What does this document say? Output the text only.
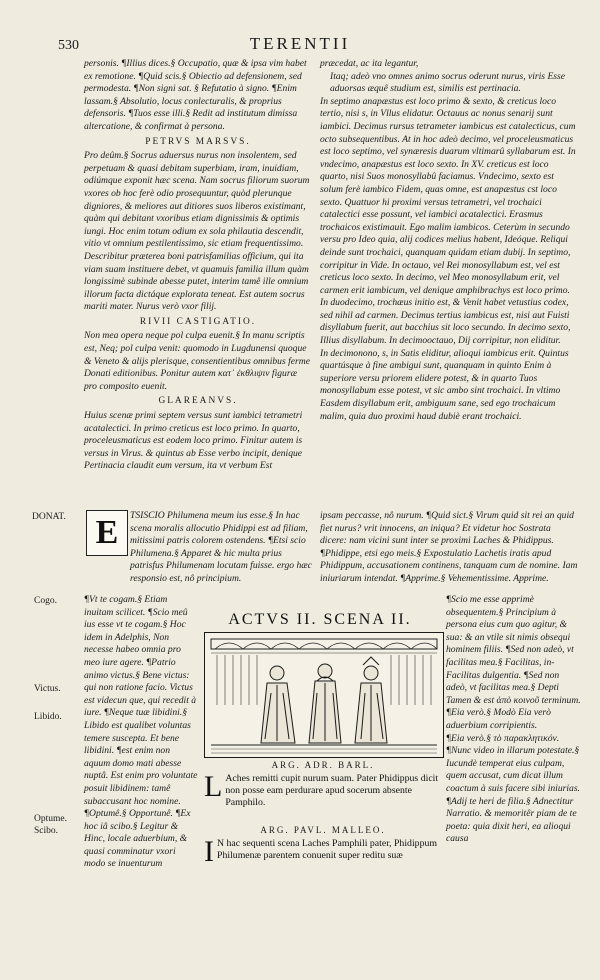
530	TERENTII

personis. ¶Illius dices.§ Occupatio, quæ & ipsa vim habet ex remotione. ¶Quid scis.§ Obiectio ad defensionem, sed permodesta. ¶Non signi sat. § Refutatio à signo. ¶Enim lassam.§ Absolutio, locus conlecturalis, & proprius defensoris. ¶Tuos esse illi.§ Redit ad institutum dimissa altercatione, & confirmat à persona.

PETRVS MARSVS.

Pro deûm.§ Socrus aduersus nurus non insolentem, sed perpetuam & quasi debitam superbiam, iram, inuidiam, odiúmque exponit hæc scena. Nam socrus filiorum suorum vxores ob hoc ferè odio prosequuntur, quòd plerunque digniores, & meliores aut ditiores suos liberos existimant, quàm qui debitant vxoribus etiam dignissimis & optimis iungi. Hoc enim totum odium ex sola philautia descendit, vitio vt omnium pestilentissimo, sic etiam frequentissimo. Describitur præterea boni patrisfamilias officium, qui ita viam suam instituere debet, vt quamuis familia illum quàm longissimè subinde abesse putet, interim tamê ille omnium illorum facta dictáque explorata teneat. Est autem socrus mariti mater. Nurus verò vxor filij.

RIVII CASTIGATIO.

Non mea opera neque pol culpa euenit.§ In manu scriptis est, Neq; pol culpa venit: quomodo in Lugdunensi quoque & Veneto & alijs plerisque, consentientibus omnibus ferme Donati editionibus. Ponitur autem κατ᾽ ἐκθλιψιν figuræ pro composito euenit.

GLAREANVS.

Huius scenæ primi septem versus sunt iambici tetrametri acatalectici. In primo creticus est loco primo. In quarto, proceleusmaticus est eodem loco primo. Finitur autem is versus in Virus. & quintus ab Esse verbo incipit, denique Pertinacia claudit eum versum, ita vt verbum Est

præcedat, ac ita legantur,

Itaq; adeò vno omnes animo socrus oderunt nurus, viris Esse aduorsas æquê studium est, similis est pertinacia.

In septimo anapæstus est loco primo & sexto, & creticus loco tertio, nisi s, in Vllus elidatur. Octauus ac nonus senarij sunt iambici. Decimus rursus tetrameter iambicus est catalecticus, cum octo subsequentibus. At in hoc adeò decimo, vel proceleusmaticus est loco septimo, vel synæresis duarum vltimarû syllabarum est. In vndecimo, anapæstus est loco sexto. In XV. creticus est loco quarto, nisi Suos monosyllabû faciamus. Vndecimo, sexto est solum ferè iambico Fidem, quas omne, est anapæstus cst loco sexto. Quattuor hi proximi versus tetrametri, vel trochaici catalectici esse possunt, vel iambici acatalectici. Erasmus trochaicos existimauit. Ego malim iambicos. Ceterùm in secundo versu pro Ideo quia, alij codices melius habent, Ideóque. Reliqui deinde sunt trochaici, quanquam quidam etiam dubij. In septimo, corripitur in Vide. In octauo, vel Rei monosyllabum est, vel est creticus loco sexto. In decimo, vel Meo monosyllabum erit, vel carmen erit iambicum, vel denique amphibrachys est loco primo. In duodecimo, trochæus initio est, & Venit habet vetustius codex, sed nihil ad carmen. Decimus tertius iambicus est, nisi aut Fuisti disyllabum fuerit, aut bacchius sit loco secundo. In decimo sexto, Illius disyllabum. In decimooctauo, Dij corripitur, non eliditur.

In decimonono, s, in Satis eliditur, alioqui iambicus erit. Quintus quartúsque à fine ambigui sunt, quanquam in quinto Enim à superiore versu priorem elidere potest, & in quarto Tuos monosyllabum esse potest, vt sic ambo sint trochaici. In vltimo Easdem disyllabum erit, ambiguum sane, sed ego trochaicum malim, quia duo proximi haud dubiè erant trochaici.

DONAT.	TSISCIO Philumena meum ius esse.§ In hac scena moralis allocutio Phidippi est ad filiam, mitissimi patris colorem ostendens. ¶Etsi scio Philumena.§ Apparet & hic multa prius patrisfus Philumenam locutam fuisse. ergo hæc responsio est, nô principium.

E

¶Vt te cogam.§ Etiam inuitam scilicet. ¶Scio meû ius esse vt te cogam.§ Hoc idem in Adelphis, Non necesse habeo omnia pro meo iure agere. ¶Patrio animo victus.§ Bene victus: qui non ratione facio. Victus est videcun que, qui recedit à iure. ¶Neque tuæ libidini.§ Libido est qualibet voluntas temere suscepta. Et bene libidini. ¶est enim non aquum domo mati abesse nuptâ. Est enim pro voluntate posuit libidinem: tamê subaccusant hoc nomine. ¶Optumê.§ Opportunê. ¶Ex hoc iâ scibo.§ Legitur & Hinc, locale aduerbium, & quasi comminatur vxori modo se inuenturum

Cogo.
Victus.
Libido.
Optume.
Scibo.

ipsam peccasse, nô nurum. ¶Quid sict.§ Virum quid sit rei an quid fiet nurus? vrit innocens, an iniqua? Et videtur hoc Sostrata dicere: nam vicini sunt inter se proximi Laches & Phidippus. ¶Phidippe, etsi ego meis.§ Expostulatio Lachetis iratis apud Phidippum, accusationem continens, tanquam cum de nomine. Iam iniuriarum intendat. ¶Apprime.§ Vehementissime. Apprime.

ACTVS II. SCENA II.
ARG. ADR. BARL.
L Aches remitti cupit nurum suam. Pater Phidippus dicit non posse eam perdurare apud socerum absente Pamphilo.
ARG. PAVL. MALLEO.
I N hac sequenti scena Laches Pamphili pater, Phidippum Philumenæ parentem conuenit super reditu suæ

¶Scio me esse apprimè obsequentem.§ Principium à persona eius cum quo agitur, & sua: & an vtile sit nimis obsequi hominem filiis. ¶Sed non adeò, vt facilitas mea.§ Facilitas, in- Facilitas dulgentia. ¶Sed non adeò, vt facilitas mea.§ Depti Tamen & est ἀπὸ κοινοῦ terminum. ¶Eia verò.§ Modò Eia verò aduerbium corripientis.

¶Eia verò.§ τὸ παρακλητικόν. ¶Nunc video in illarum potestate.§ Iucundè temperat eius culpam, quem accusat, cum dicat illum coactum à suis facere sibi iniurias.

¶Adij te heri de filia.§ Adnectitur Narratio. & memoritêr piam de te poeta: quia dixit heri, ea alioqui causa
